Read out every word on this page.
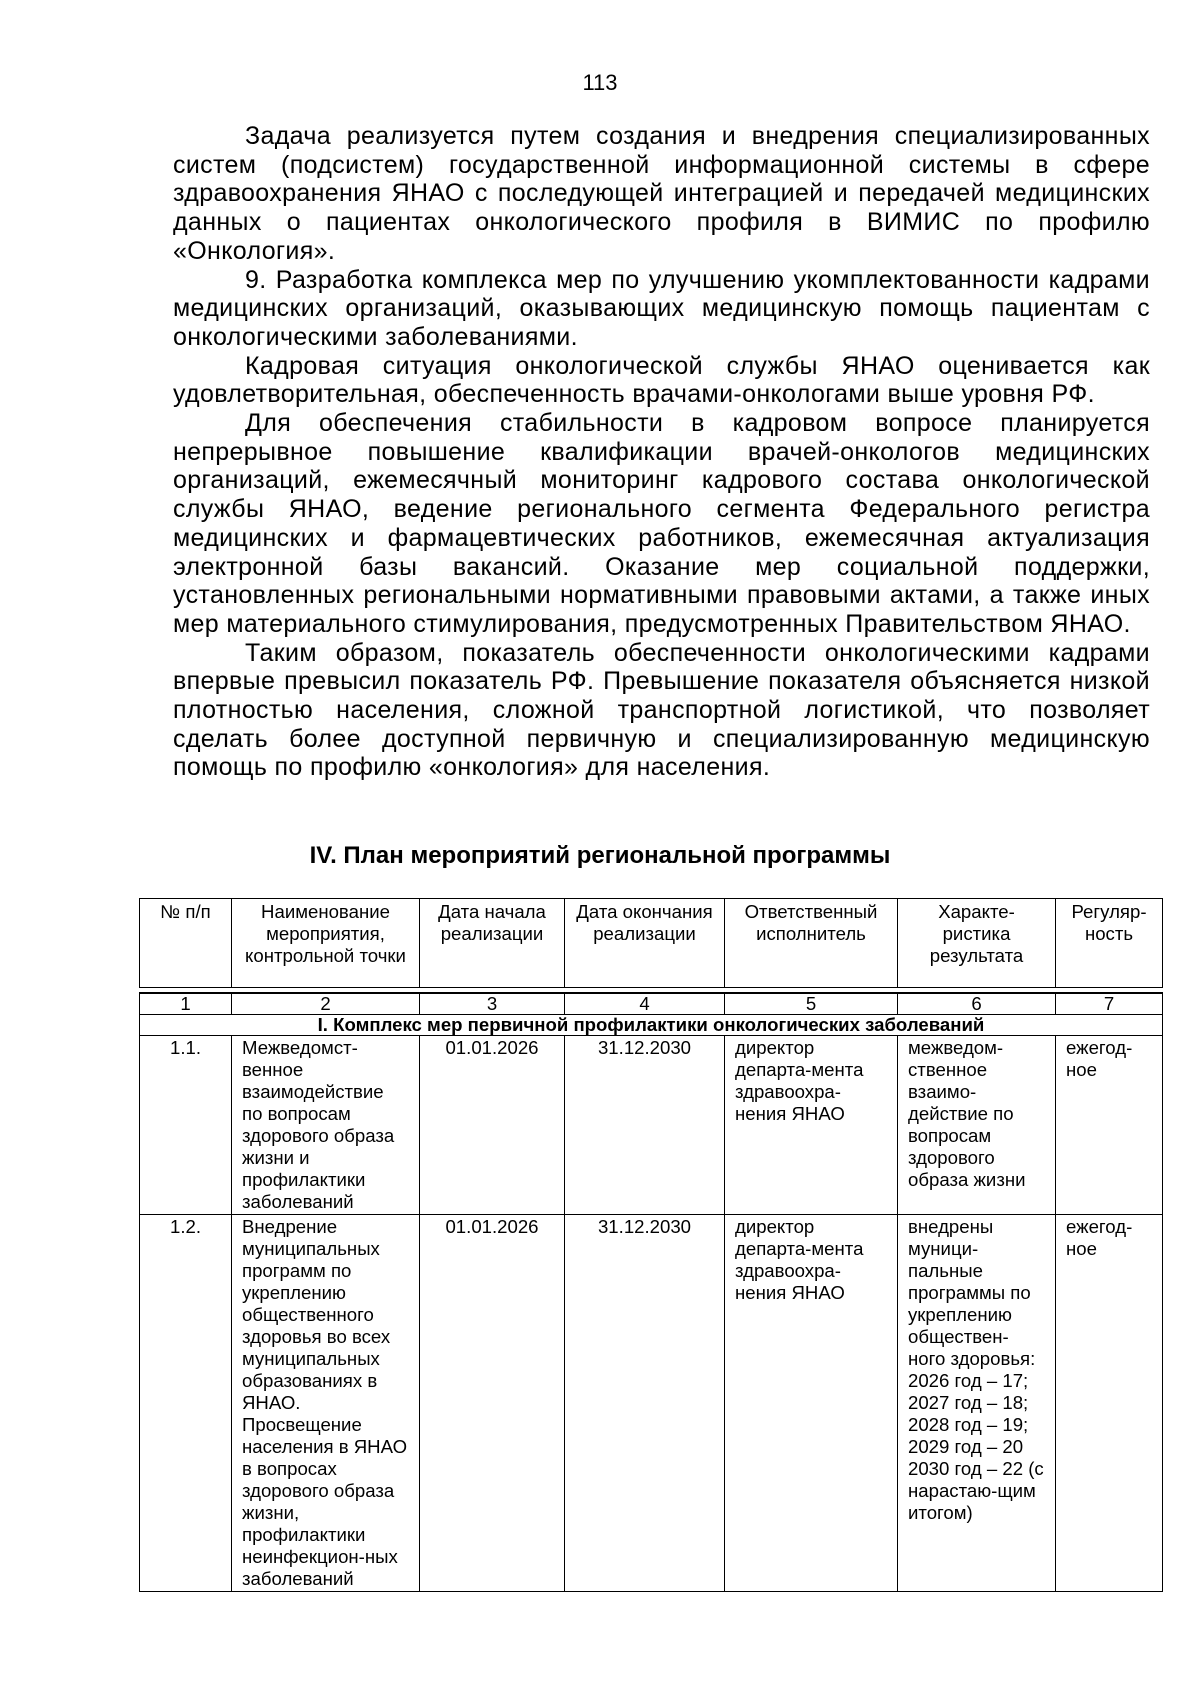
113

Задача реализуется путем создания и внедрения специализированных систем (подсистем) государственной информационной системы в сфере здравоохранения ЯНАО с последующей интеграцией и передачей медицинских данных о пациентах онкологического профиля в ВИМИС по профилю «Онкология».

9. Разработка комплекса мер по улучшению укомплектованности кадрами медицинских организаций, оказывающих медицинскую помощь пациентам с онкологическими заболеваниями.

Кадровая ситуация онкологической службы ЯНАО оценивается как удовлетворительная, обеспеченность врачами-онкологами выше уровня РФ.

Для обеспечения стабильности в кадровом вопросе планируется непрерывное повышение квалификации врачей-онкологов медицинских организаций, ежемесячный мониторинг кадрового состава онкологической службы ЯНАО, ведение регионального сегмента Федерального регистра медицинских и фармацевтических работников, ежемесячная актуализация электронной базы вакансий. Оказание мер социальной поддержки, установленных региональными нормативными правовыми актами, а также иных мер материального стимулирования, предусмотренных Правительством ЯНАО.

Таким образом, показатель обеспеченности онкологическими кадрами впервые превысил показатель РФ. Превышение показателя объясняется низкой плотностью населения, сложной транспортной логистикой, что позволяет сделать более доступной первичную и специализированную медицинскую помощь по профилю «онкология» для населения.

IV. План мероприятий региональной программы
№ п/п	Наименование мероприятия, контрольной точки	Дата начала реализации	Дата окончания реализации	Ответственный исполнитель	Характе-ристика результата	Регуляр-ность

1	2	3	4	5	6	7
I. Комплекс мер первичной профилактики онкологических заболеваний						
1.1.	Межведомст-венное взаимодействие по вопросам здорового образа жизни и профилактики заболеваний	01.01.2026	31.12.2030	директор департа-мента здравоохра-нения ЯНАО	межведом-ственное взаимо-действие по вопросам здорового образа жизни	ежегод-ное
1.2.	Внедрение муниципальных программ по укреплению общественного здоровья во всех муниципальных образованиях в ЯНАО. Просвещение населения в ЯНАО в вопросах здорового образа жизни, профилактики неинфекцион-ных заболеваний	01.01.2026	31.12.2030	директор департа-мента здравоохра-нения ЯНАО	внедрены муници-пальные программы по укреплению обществен-ного здоровья: 2026 год – 17; 2027 год – 18; 2028 год – 19; 2029 год – 20 2030 год – 22 (с нарастаю-щим итогом)	ежегод-ное
